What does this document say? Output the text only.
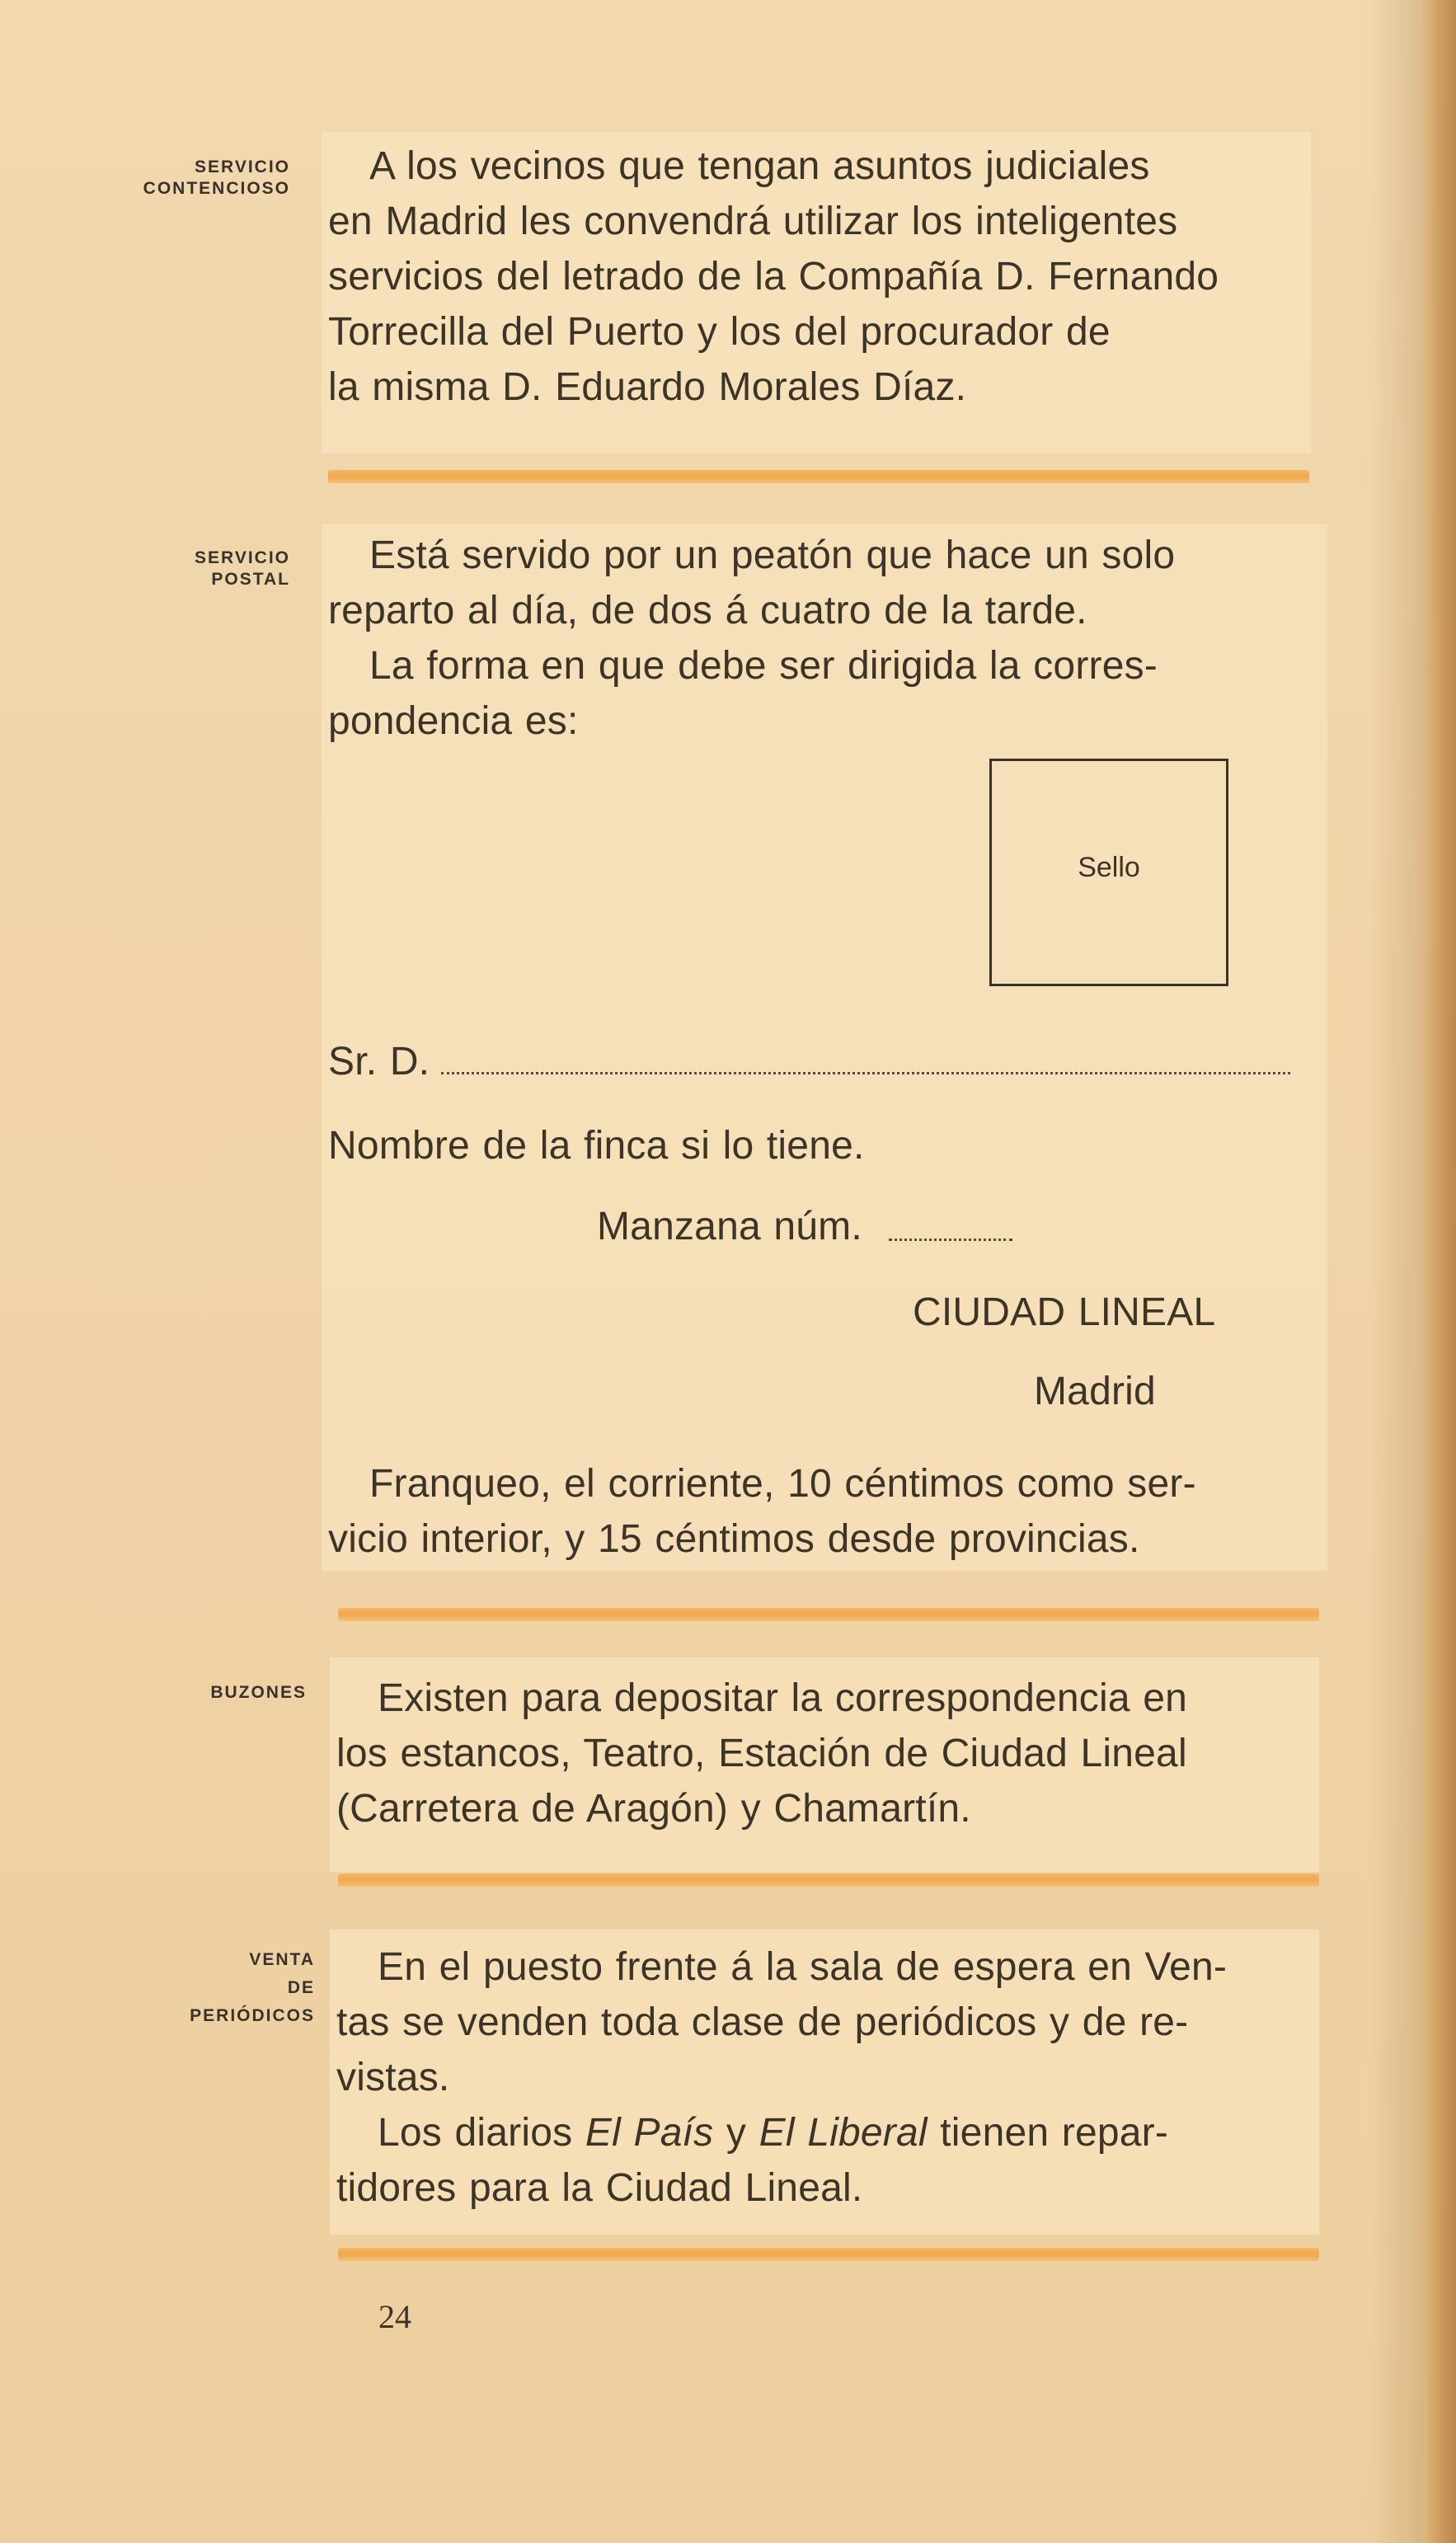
SERVICIO
CONTENCIOSO
A los vecinos que tengan asuntos judiciales
en Madrid les convendrá utilizar los inteligentes
servicios del letrado de la Compañía D. Fernando
Torrecilla del Puerto y los del procurador de
la misma D. Eduardo Morales Díaz.
SERVICIO
POSTAL
Está servido por un peatón que hace un solo
reparto al día, de dos á cuatro de la tarde.
La forma en que debe ser dirigida la corres-
pondencia es:
Sello
Sr. D.
Nombre de la finca si lo tiene.
Manzana núm.
CIUDAD LINEAL
Madrid
Franqueo, el corriente, 10 céntimos como ser-
vicio interior, y 15 céntimos desde provincias.
BUZONES	Existen para depositar la correspondencia en
los estancos, Teatro, Estación de Ciudad Lineal
(Carretera de Aragón) y Chamartín.
VENTA
DE
PERIÓDICOS
En el puesto frente á la sala de espera en Ven-
tas se venden toda clase de periódicos y de re-
vistas.
Los diarios El País y El Liberal tienen repar-
tidores para la Ciudad Lineal.
24
